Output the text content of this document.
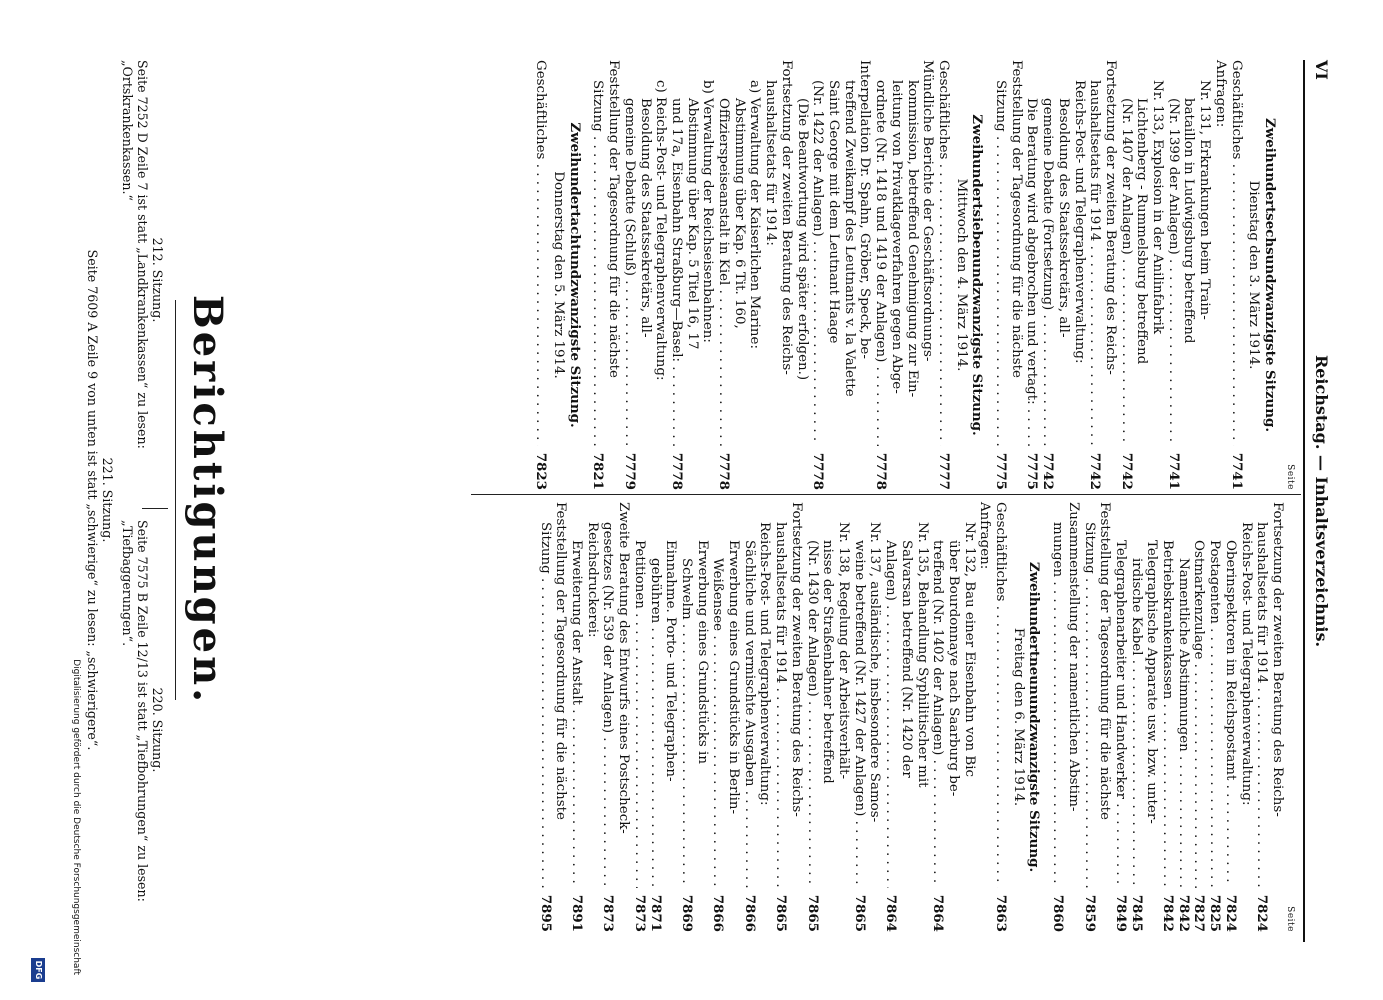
VI
Reichstag. — Inhaltsverzeichnis.
Seite
Zweihundertsechsundzwanzigste Sitzung.
Dienstag den 3. März 1914.
Geschäftliches . . .
7741
Anfragen:
Nr. 131, Erkrankungen beim Train-
bataillon in Ludwigsburg betreffend
(Nr. 1399 der Anlagen) . . .
7741
Nr. 133, Explosion in der Anilinfabrik
Lichtenberg - Rummelsburg betreffend
(Nr. 1407 der Anlagen) . . .
7742
Fortsetzung der zweiten Beratung des Reichs-
haushaltsetats für 1914 . . .
7742
Reichs-Post- und Telegraphenverwaltung:
Besoldung des Staatssekretärs, all-
gemeine Debatte (Fortsetzung) . . .
7742
Die Beratung wird abgebrochen und vertagt: . . .
7775
Feststellung der Tagesordnung für die nächste
Sitzung . . .
7775
Zweihundertsiebenundzwanzigste Sitzung.
Mittwoch den 4. März 1914.
Geschäftliches . . .
7777
Mündliche Berichte der Geschäftsordnungs-
kommission, betreffend Genehmigung zur Ein-
leitung von Privatklageverfahren gegen Abge-
ordnete (Nr. 1418 und 1419 der Anlagen) . . .
7778
Interpellation Dr. Spahn, Gröber, Speck, be-
treffend Zweikampf des Leutnants v. la Valette
Saint George mit dem Leutnant Haage
(Nr. 1422 der Anlagen) . . .
7778
(Die Beantwortung wird später erfolgen.)
Fortsetzung der zweiten Beratung des Reichs-
haushaltsetats für 1914:
a) Verwaltung der Kaiserlichen Marine:
Abstimmung über Kap. 6 Tit. 160,
Offizierspeiseanstalt in Kiel . . .
7778
b) Verwaltung der Reichseisenbahnen:
Abstimmung über Kap. 5 Titel 16, 17
und 17a, Eisenbahn Straßburg—Basel: . . .
7778
c) Reichs-Post- und Telegraphenverwaltung:
Besoldung des Staatssekretärs, all-
gemeine Debatte (Schluß) . . .
7779
Feststellung der Tagesordnung für die nächste
Sitzung . . .
7821
Zweihundertachtundzwanzigste Sitzung.
Donnerstag den 5. März 1914.
Geschäftliches . . .
7823
Seite
Fortsetzung der zweiten Beratung des Reichs-
haushaltsetats für 1914 . . .
7824
Reichs-Post- und Telegraphenverwaltung:
Oberinspektoren im Reichspostamt . . .
7824
Postagenten . . .
7825
Ostmarkenzulage . . .
7827
Namentliche Abstimmungen . . .
7842
Betriebskrankenkassen . . .
7842
Telegraphische Apparate usw. bzw. unter-
irdische Kabel . . .
7845
Telegraphenarbeiter und Handwerker . . .
7849
Feststellung der Tagesordnung für die nächste
Sitzung . . .
7859
Zusammenstellung der namentlichen Abstim-
mungen . . .
7860
Zweihundertneunundzwanzigste Sitzung.
Freitag den 6. März 1914.
Geschäftliches . . .
7863
Anfragen:
Nr. 132, Bau einer Eisenbahn von Bic
über Bourdonnaye nach Saarburg be-
treffend (Nr. 1402 der Anlagen) . . .
7864
Nr. 135, Behandlung Syphilitischer mit
Salvarsan betreffend (Nr. 1420 der
Anlagen) . . .
7864
Nr. 137, ausländische, insbesondere Samos-
weine betreffend (Nr. 1427 der Anlagen) . . .
7865
Nr. 138, Regelung der Arbeitsverhält-
nisse der Straßenbahner betreffend
(Nr. 1430 der Anlagen) . . .
7865
Fortsetzung der zweiten Beratung des Reichs-
haushaltsetats für 1914 . . .
7865
Reichs-Post- und Telegraphenverwaltung:
Sächliche und vermischte Ausgaben . . .
7866
Erwerbung eines Grundstücks in Berlin-
Weißensee . . .
7866
Erwerbung eines Grundstücks in
Schwelm . . .
7869
Einnahme. Porto- und Telegraphen-
gebühren . . .
7871
Petitionen . . .
7873
Zweite Beratung des Entwurfs eines Postscheck-
gesetzes (Nr. 539 der Anlagen) . . .
7873
Reichsdruckerei:
Erweiterung der Anstalt . . .
7891
Feststellung der Tagesordnung für die nächste
Sitzung . . .
7895
Berichtigungen.
212. Sitzung.
Seite 7252 D Zeile 7 ist statt „Landkrankenkassen“ zu lesen:
„Ortskrankenkassen.“
220. Sitzung.
Seite 7575 B Zeile 12/13 ist statt „Tiefbohrungen“ zu lesen:
„Tiefbaggerungen“.
221. Sitzung.
Seite 7609 A Zeile 9 von unten ist statt „schwierige“ zu lesen: „schwierigere“.
Digitalisierung gefördert durch die Deutsche Forschungsgemeinschaft
DFG
